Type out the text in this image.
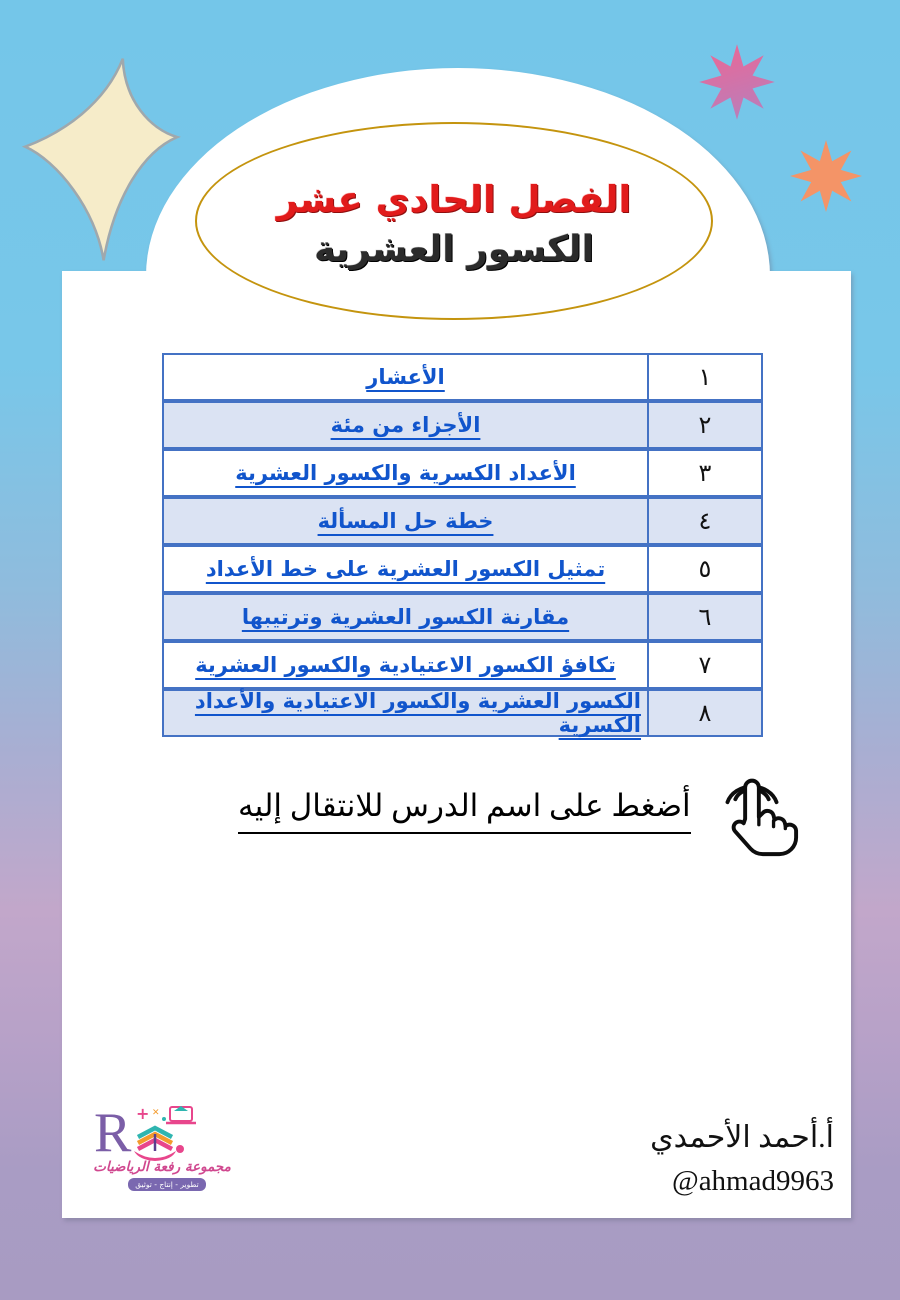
الفصل الحادي عشر
الكسور العشرية
الأعشار	١
الأجزاء من مئة	٢
الأعداد الكسرية والكسور العشرية	٣
خطة حل المسألة	٤
تمثيل الكسور العشرية على خط الأعداد	٥
مقارنة الكسور العشرية وترتيبها	٦
تكافؤ الكسور الاعتيادية والكسور العشرية	٧
الكسور العشرية والكسور الاعتيادية والأعداد الكسرية	٨
أضغط على اسم الدرس للانتقال إليه
R + ✕
مجموعة رفعة الرياضيات
تطوير - إنتاج - توثيق
أ.أحمد الأحمدي
@ahmad9963
